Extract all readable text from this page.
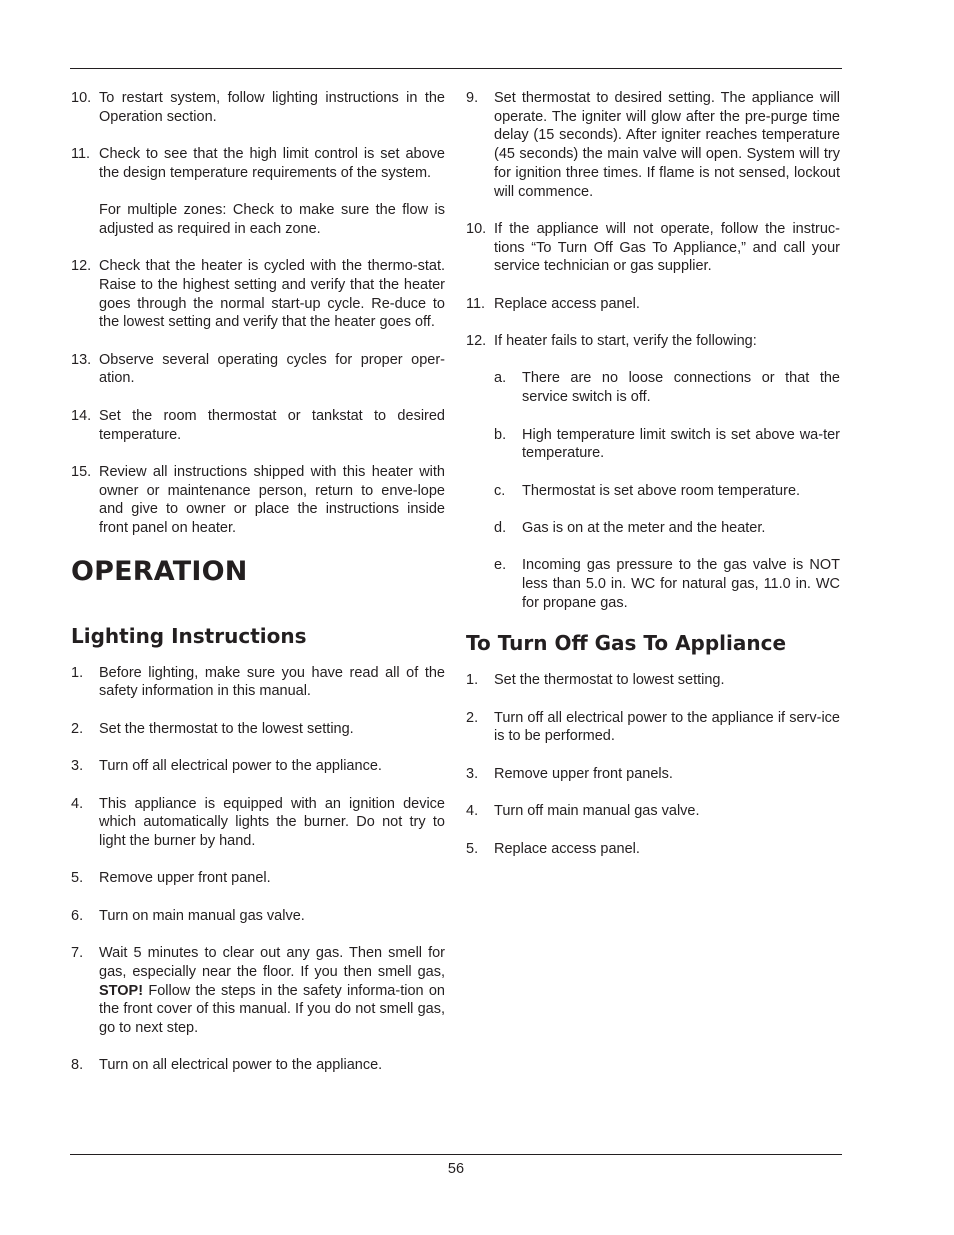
10. To restart system, follow lighting instructions in the Operation section.
11. Check to see that the high limit control is set above the design temperature requirements of the system.
For multiple zones: Check to make sure the flow is adjusted as required in each zone.
12. Check that the heater is cycled with the thermo-stat. Raise to the highest setting and verify that the heater goes through the normal start-up cycle. Re-duce to the lowest setting and verify that the heater goes off.
13. Observe several operating cycles for proper oper-ation.
14. Set the room thermostat or tankstat to desired temperature.
15. Review all instructions shipped with this heater with owner or maintenance person, return to enve-lope and give to owner or place the instructions inside front panel on heater.
OPERATION
Lighting Instructions
1. Before lighting, make sure you have read all of the safety information in this manual.
2. Set the thermostat to the lowest setting.
3. Turn off all electrical power to the appliance.
4. This appliance is equipped with an ignition device which automatically lights the burner. Do not try to light the burner by hand.
5. Remove upper front panel.
6. Turn on main manual gas valve.
7. Wait 5 minutes to clear out any gas. Then smell for gas, especially near the floor. If you then smell gas, STOP! Follow the steps in the safety informa-tion on the front cover of this manual. If you do not smell gas, go to next step.
8. Turn on all electrical power to the appliance.
9. Set thermostat to desired setting. The appliance will operate. The igniter will glow after the pre-purge time delay (15 seconds). After igniter reaches temperature (45 seconds) the main valve will open. System will try for ignition three times. If flame is not sensed, lockout will commence.
10. If the appliance will not operate, follow the instruc-tions “To Turn Off Gas To Appliance,” and call your service technician or gas supplier.
11. Replace access panel.
12. If heater fails to start, verify the following:
a. There are no loose connections or that the service switch is off.
b. High temperature limit switch is set above wa-ter temperature.
c. Thermostat is set above room temperature.
d. Gas is on at the meter and the heater.
e. Incoming gas pressure to the gas valve is NOT less than 5.0 in. WC for natural gas, 11.0 in. WC for propane gas.
To Turn Off Gas To Appliance
1. Set the thermostat to lowest setting.
2. Turn off all electrical power to the appliance if serv-ice is to be performed.
3. Remove upper front panels.
4. Turn off main manual gas valve.
5. Replace access panel.
56
